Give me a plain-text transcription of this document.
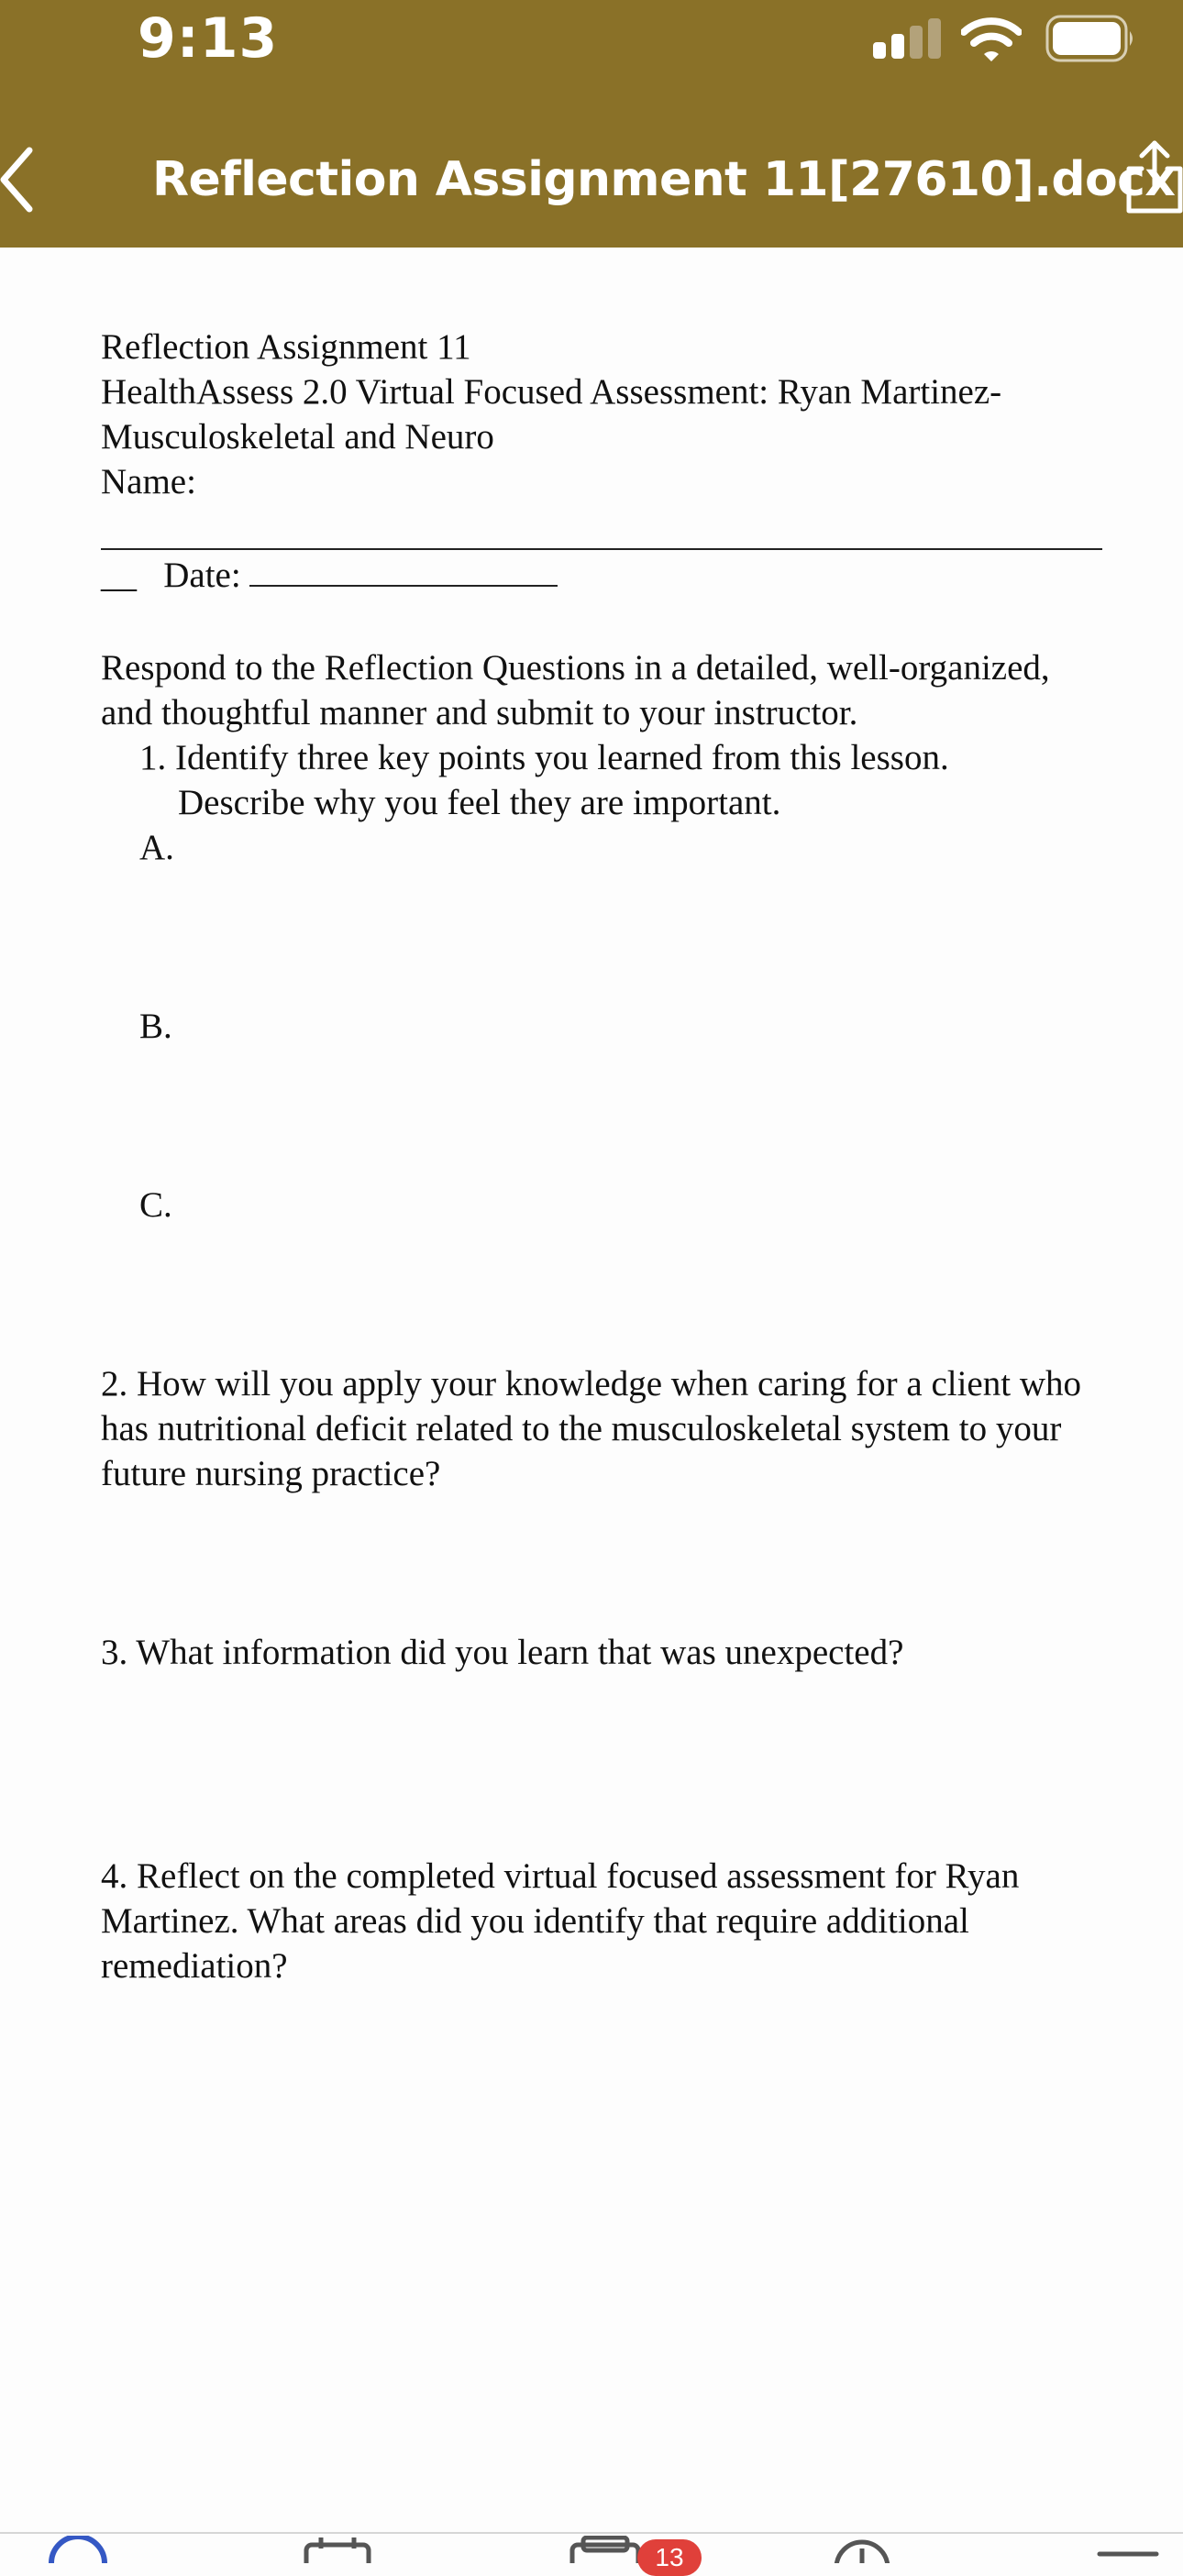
9:13
Reflection Assignment 11[27610].docx

Reflection Assignment 11

HealthAssess 2.0 Virtual Focused Assessment: Ryan Martinez-

Musculoskeletal and Neuro

Name:

__ Date:

Respond to the Reflection Questions in a detailed, well-organized, and thoughtful manner and submit to your instructor.

1. Identify three key points you learned from this lesson. Describe why you feel they are important.

A.

B.

C.

2. How will you apply your knowledge when caring for a client who has nutritional deficit related to the musculoskeletal system to your future nursing practice?

3. What information did you learn that was unexpected?

4. Reflect on the completed virtual focused assessment for Ryan Martinez. What areas did you identify that require additional remediation?

13
